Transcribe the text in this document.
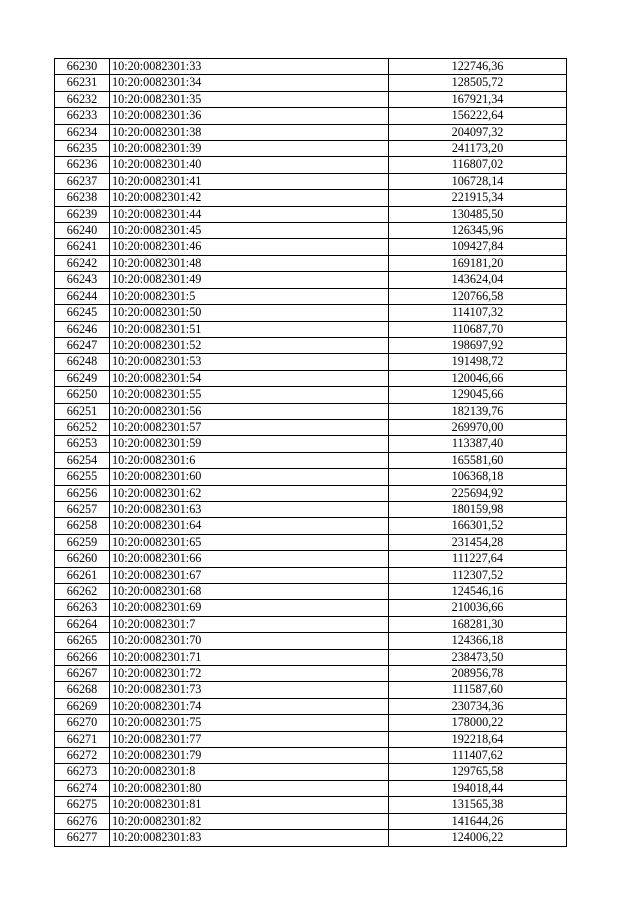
66230	10:20:0082301:33	122746,36
66231	10:20:0082301:34	128505,72
66232	10:20:0082301:35	167921,34
66233	10:20:0082301:36	156222,64
66234	10:20:0082301:38	204097,32
66235	10:20:0082301:39	241173,20
66236	10:20:0082301:40	116807,02
66237	10:20:0082301:41	106728,14
66238	10:20:0082301:42	221915,34
66239	10:20:0082301:44	130485,50
66240	10:20:0082301:45	126345,96
66241	10:20:0082301:46	109427,84
66242	10:20:0082301:48	169181,20
66243	10:20:0082301:49	143624,04
66244	10:20:0082301:5	120766,58
66245	10:20:0082301:50	114107,32
66246	10:20:0082301:51	110687,70
66247	10:20:0082301:52	198697,92
66248	10:20:0082301:53	191498,72
66249	10:20:0082301:54	120046,66
66250	10:20:0082301:55	129045,66
66251	10:20:0082301:56	182139,76
66252	10:20:0082301:57	269970,00
66253	10:20:0082301:59	113387,40
66254	10:20:0082301:6	165581,60
66255	10:20:0082301:60	106368,18
66256	10:20:0082301:62	225694,92
66257	10:20:0082301:63	180159,98
66258	10:20:0082301:64	166301,52
66259	10:20:0082301:65	231454,28
66260	10:20:0082301:66	111227,64
66261	10:20:0082301:67	112307,52
66262	10:20:0082301:68	124546,16
66263	10:20:0082301:69	210036,66
66264	10:20:0082301:7	168281,30
66265	10:20:0082301:70	124366,18
66266	10:20:0082301:71	238473,50
66267	10:20:0082301:72	208956,78
66268	10:20:0082301:73	111587,60
66269	10:20:0082301:74	230734,36
66270	10:20:0082301:75	178000,22
66271	10:20:0082301:77	192218,64
66272	10:20:0082301:79	111407,62
66273	10:20:0082301:8	129765,58
66274	10:20:0082301:80	194018,44
66275	10:20:0082301:81	131565,38
66276	10:20:0082301:82	141644,26
66277	10:20:0082301:83	124006,22
